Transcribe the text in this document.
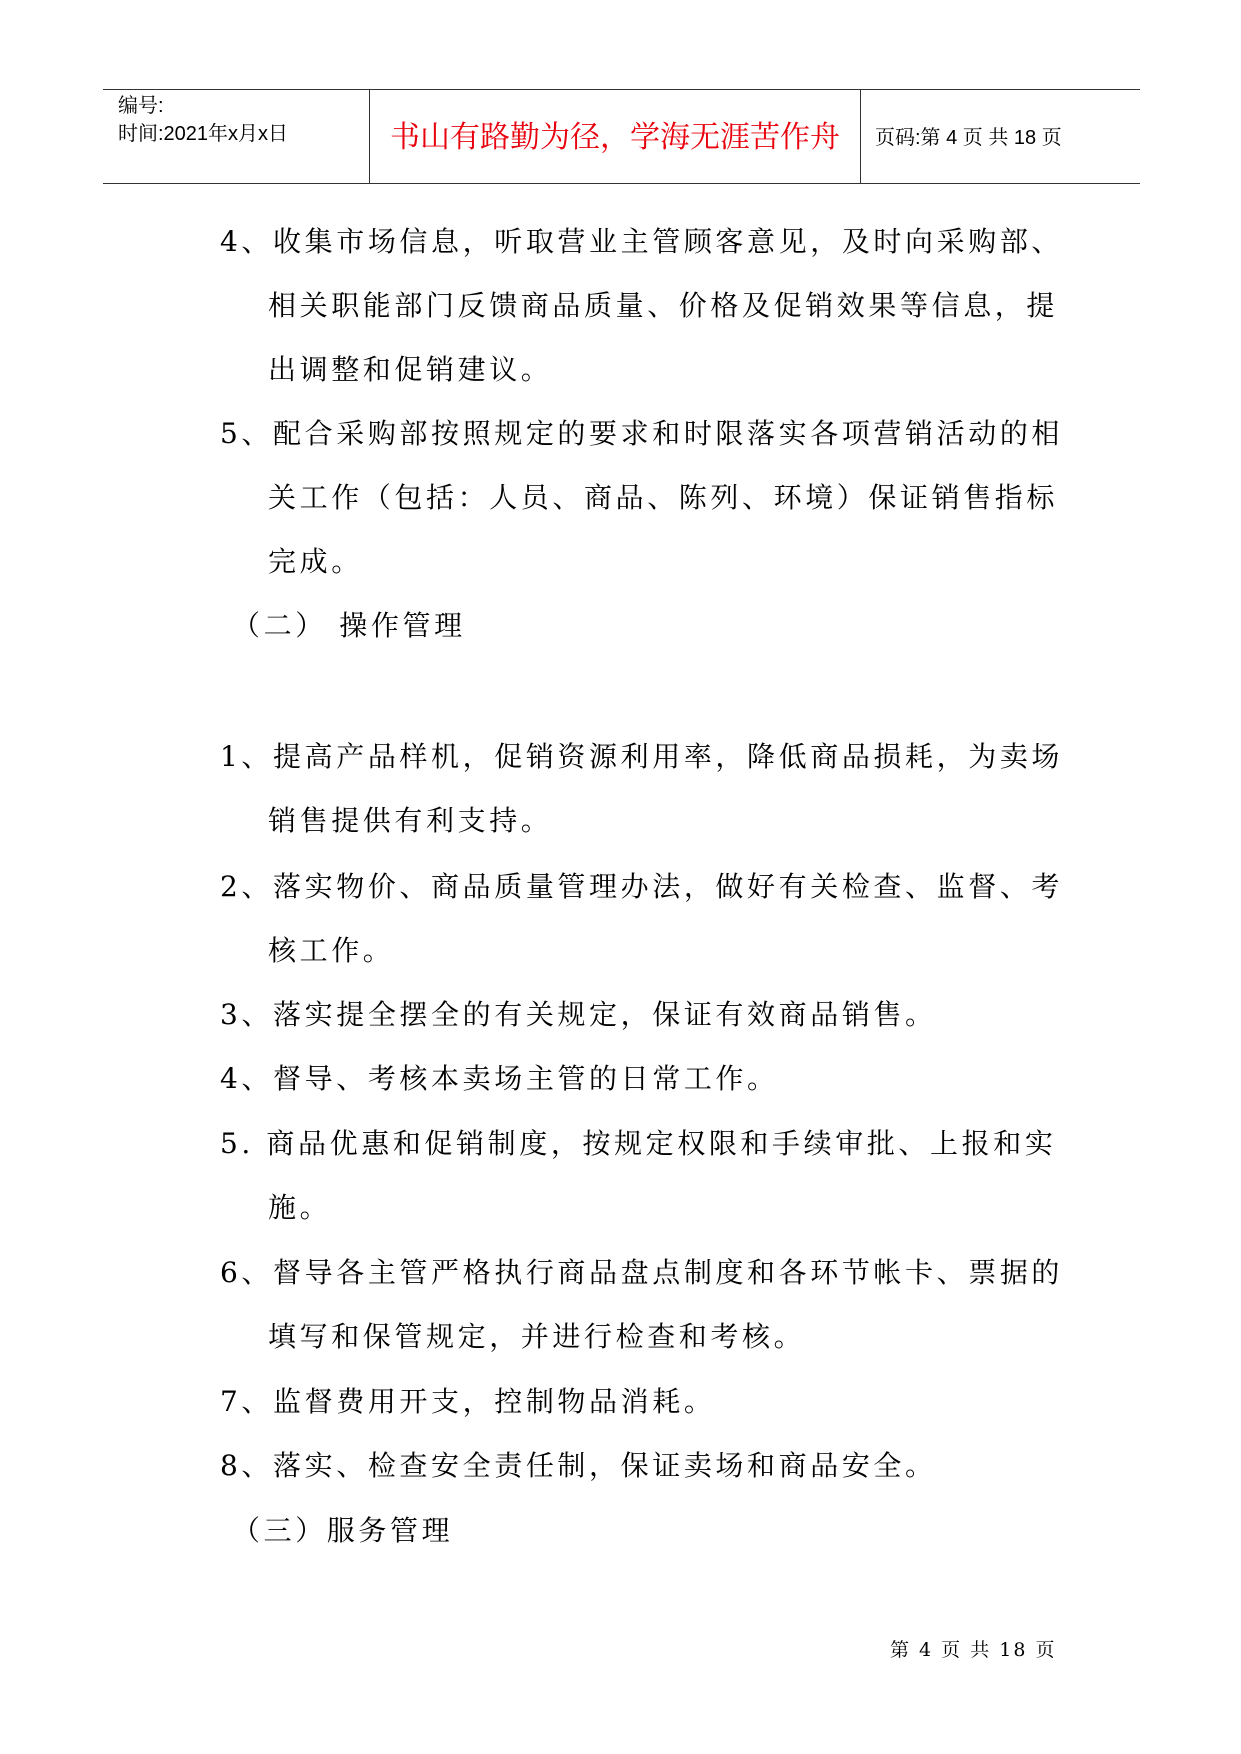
编号:
时间:2021年x月x日	书山有路勤为径，学海无涯苦作舟	页码:第 4 页 共 18 页
4、收集市场信息，听取营业主管顾客意见，及时向采购部、
相关职能部门反馈商品质量、价格及促销效果等信息，提
出调整和促销建议。
5、配合采购部按照规定的要求和时限落实各项营销活动的相
关工作（包括：人员、商品、陈列、环境）保证销售指标
完成。
（二） 操作管理
1、提高产品样机，促销资源利用率，降低商品损耗，为卖场
销售提供有利支持。
2、落实物价、商品质量管理办法，做好有关检查、监督、考
核工作。
3、落实提全摆全的有关规定，保证有效商品销售。
4、督导、考核本卖场主管的日常工作。
5. 商品优惠和促销制度，按规定权限和手续审批、上报和实
施。
6、督导各主管严格执行商品盘点制度和各环节帐卡、票据的
填写和保管规定，并进行检查和考核。
7、监督费用开支，控制物品消耗。
8、落实、检查安全责任制，保证卖场和商品安全。
（三）服务管理
第 4 页 共 18 页
